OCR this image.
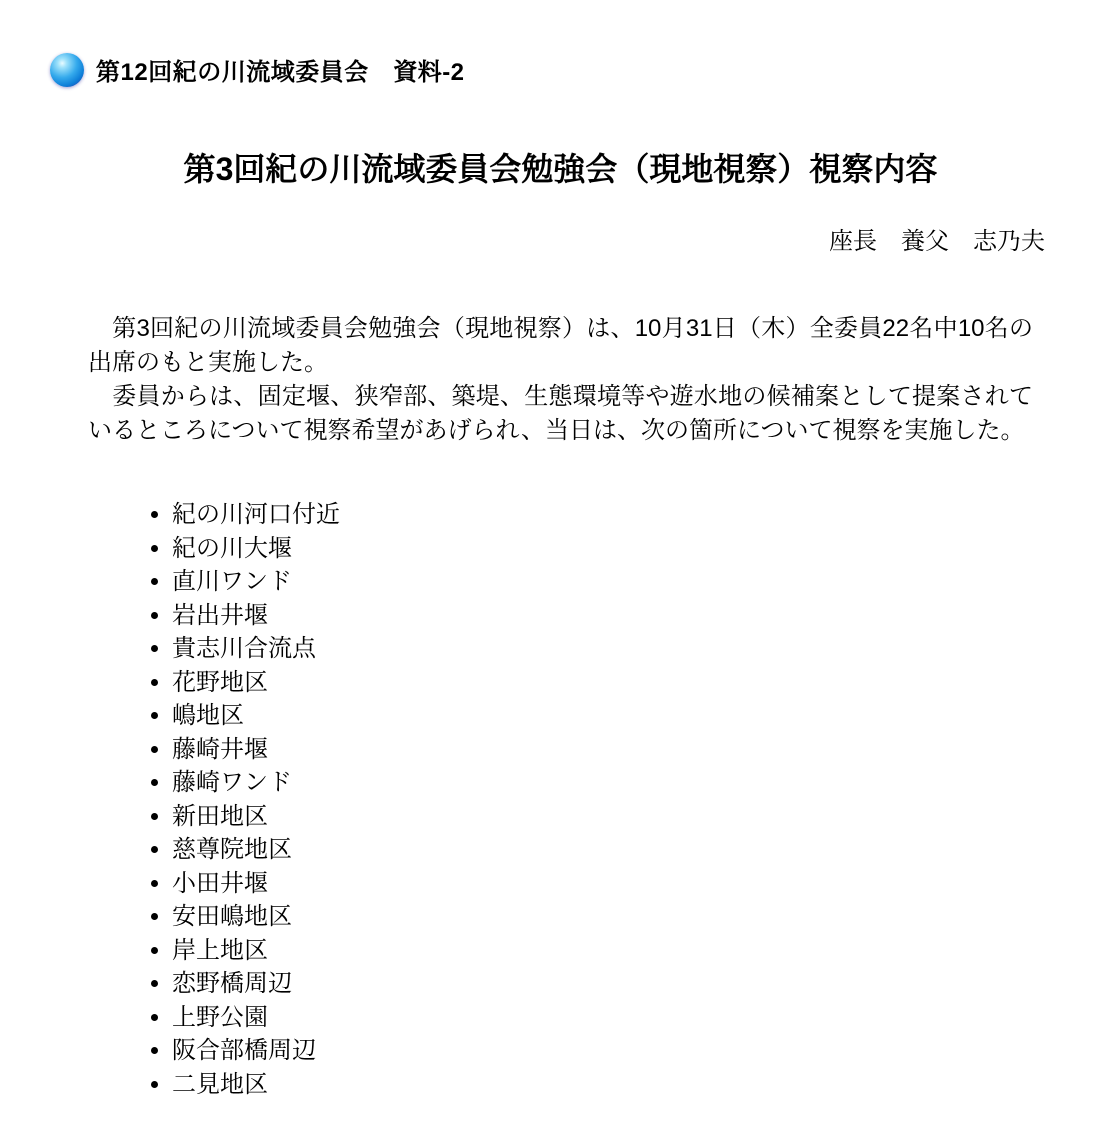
第12回紀の川流域委員会　資料-2
第3回紀の川流域委員会勉強会（現地視察）視察内容
座長　養父　志乃夫

　第3回紀の川流域委員会勉強会（現地視察）は、10月31日（木）全委員22名中10名の出席のもと実施した。

　委員からは、固定堰、狭窄部、築堤、生態環境等や遊水地の候補案として提案されているところについて視察希望があげられ、当日は、次の箇所について視察を実施した。

• 紀の川河口付近
• 紀の川大堰
• 直川ワンド
• 岩出井堰
• 貴志川合流点
• 花野地区
• 嶋地区
• 藤崎井堰
• 藤崎ワンド
• 新田地区
• 慈尊院地区
• 小田井堰
• 安田嶋地区
• 岸上地区
• 恋野橋周辺
• 上野公園
• 阪合部橋周辺
• 二見地区
